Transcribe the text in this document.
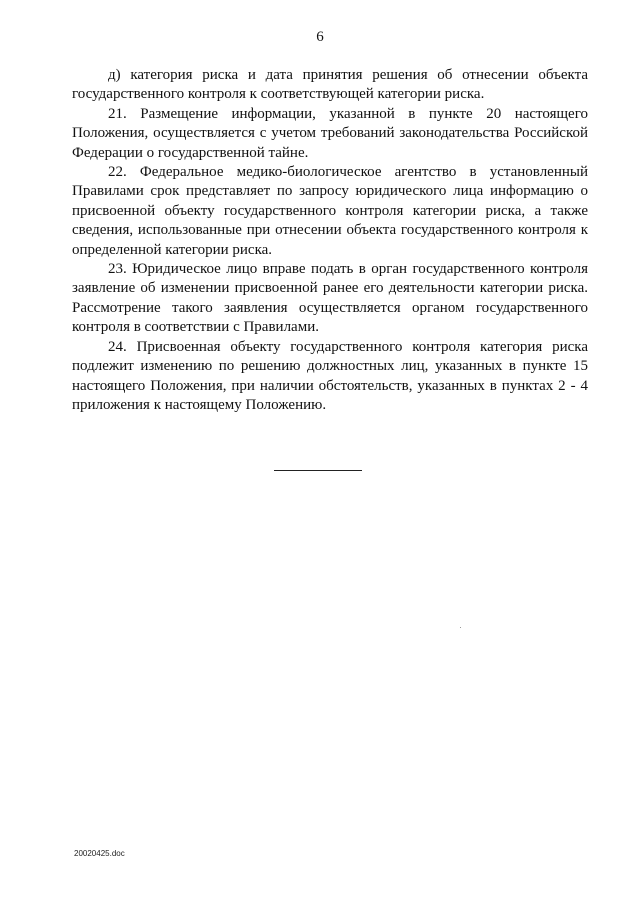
6

д) категория риска и дата принятия решения об отнесении объекта государственного контроля к соответствующей категории риска.

21. Размещение информации, указанной в пункте 20 настоящего Положения, осуществляется с учетом требований законодательства Российской Федерации о государственной тайне.

22. Федеральное медико-биологическое агентство в установленный Правилами срок представляет по запросу юридического лица информацию о присвоенной объекту государственного контроля категории риска, а также сведения, использованные при отнесении объекта государственного контроля к определенной категории риска.

23. Юридическое лицо вправе подать в орган государственного контроля заявление об изменении присвоенной ранее его деятельности категории риска. Рассмотрение такого заявления осуществляется органом государственного контроля в соответствии с Правилами.

24. Присвоенная объекту государственного контроля категория риска подлежит изменению по решению должностных лиц, указанных в пункте 15 настоящего Положения, при наличии обстоятельств, указанных в пунктах 2 - 4 приложения к настоящему Положению.

20020425.doc
